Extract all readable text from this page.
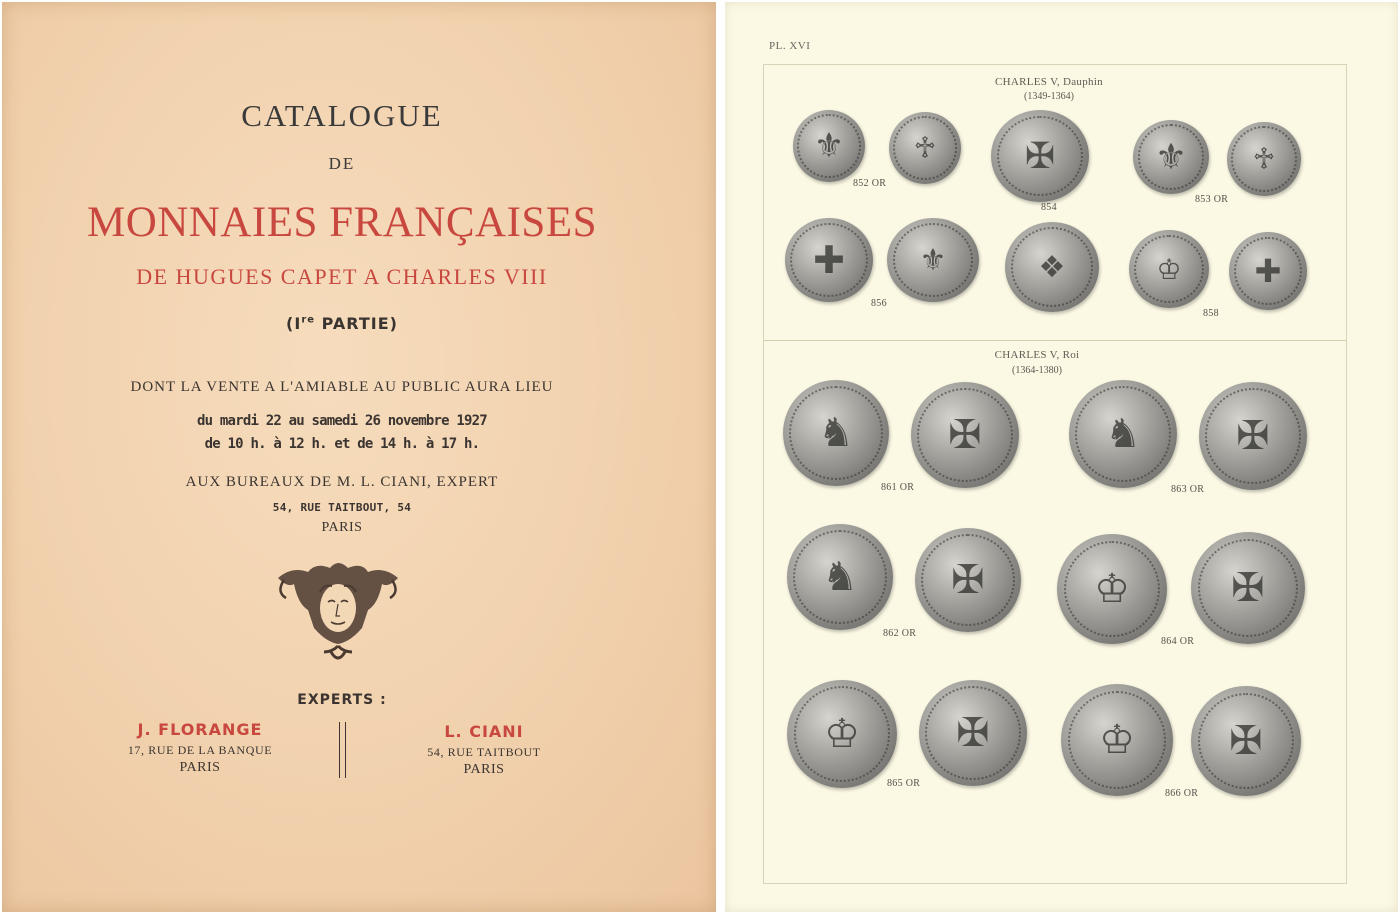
CATALOGUE
DE
MONNAIES FRANÇAISES
DE HUGUES CAPET A CHARLES VIII
(Ire PARTIE)
DONT LA VENTE A L'AMIABLE AU PUBLIC AURA LIEU
du mardi 22 au samedi 26 novembre 1927
de 10 h. à 12 h. et de 14 h. à 17 h.
AUX BUREAUX DE M. L. CIANI, EXPERT
54, RUE TAITBOUT, 54
PARIS
EXPERTS :
J. FLORANGE
17, RUE DE LA BANQUE
PARIS
L. CIANI
54, RUE TAITBOUT
PARIS
PL. XVI
CHARLES V, Dauphin
(1349-1364)
CHARLES V, Roi
(1364-1380)
⚜	♱	✠	⚜	♱
852 OR
854
853 OR
✚	⚜	❖	♔	✚
856
858
♞	✠	♞	✠
861 OR	863 OR
♞	✠	♔	✠
862 OR
864 OR
♔	✠	♔	✠
865 OR
866 OR
